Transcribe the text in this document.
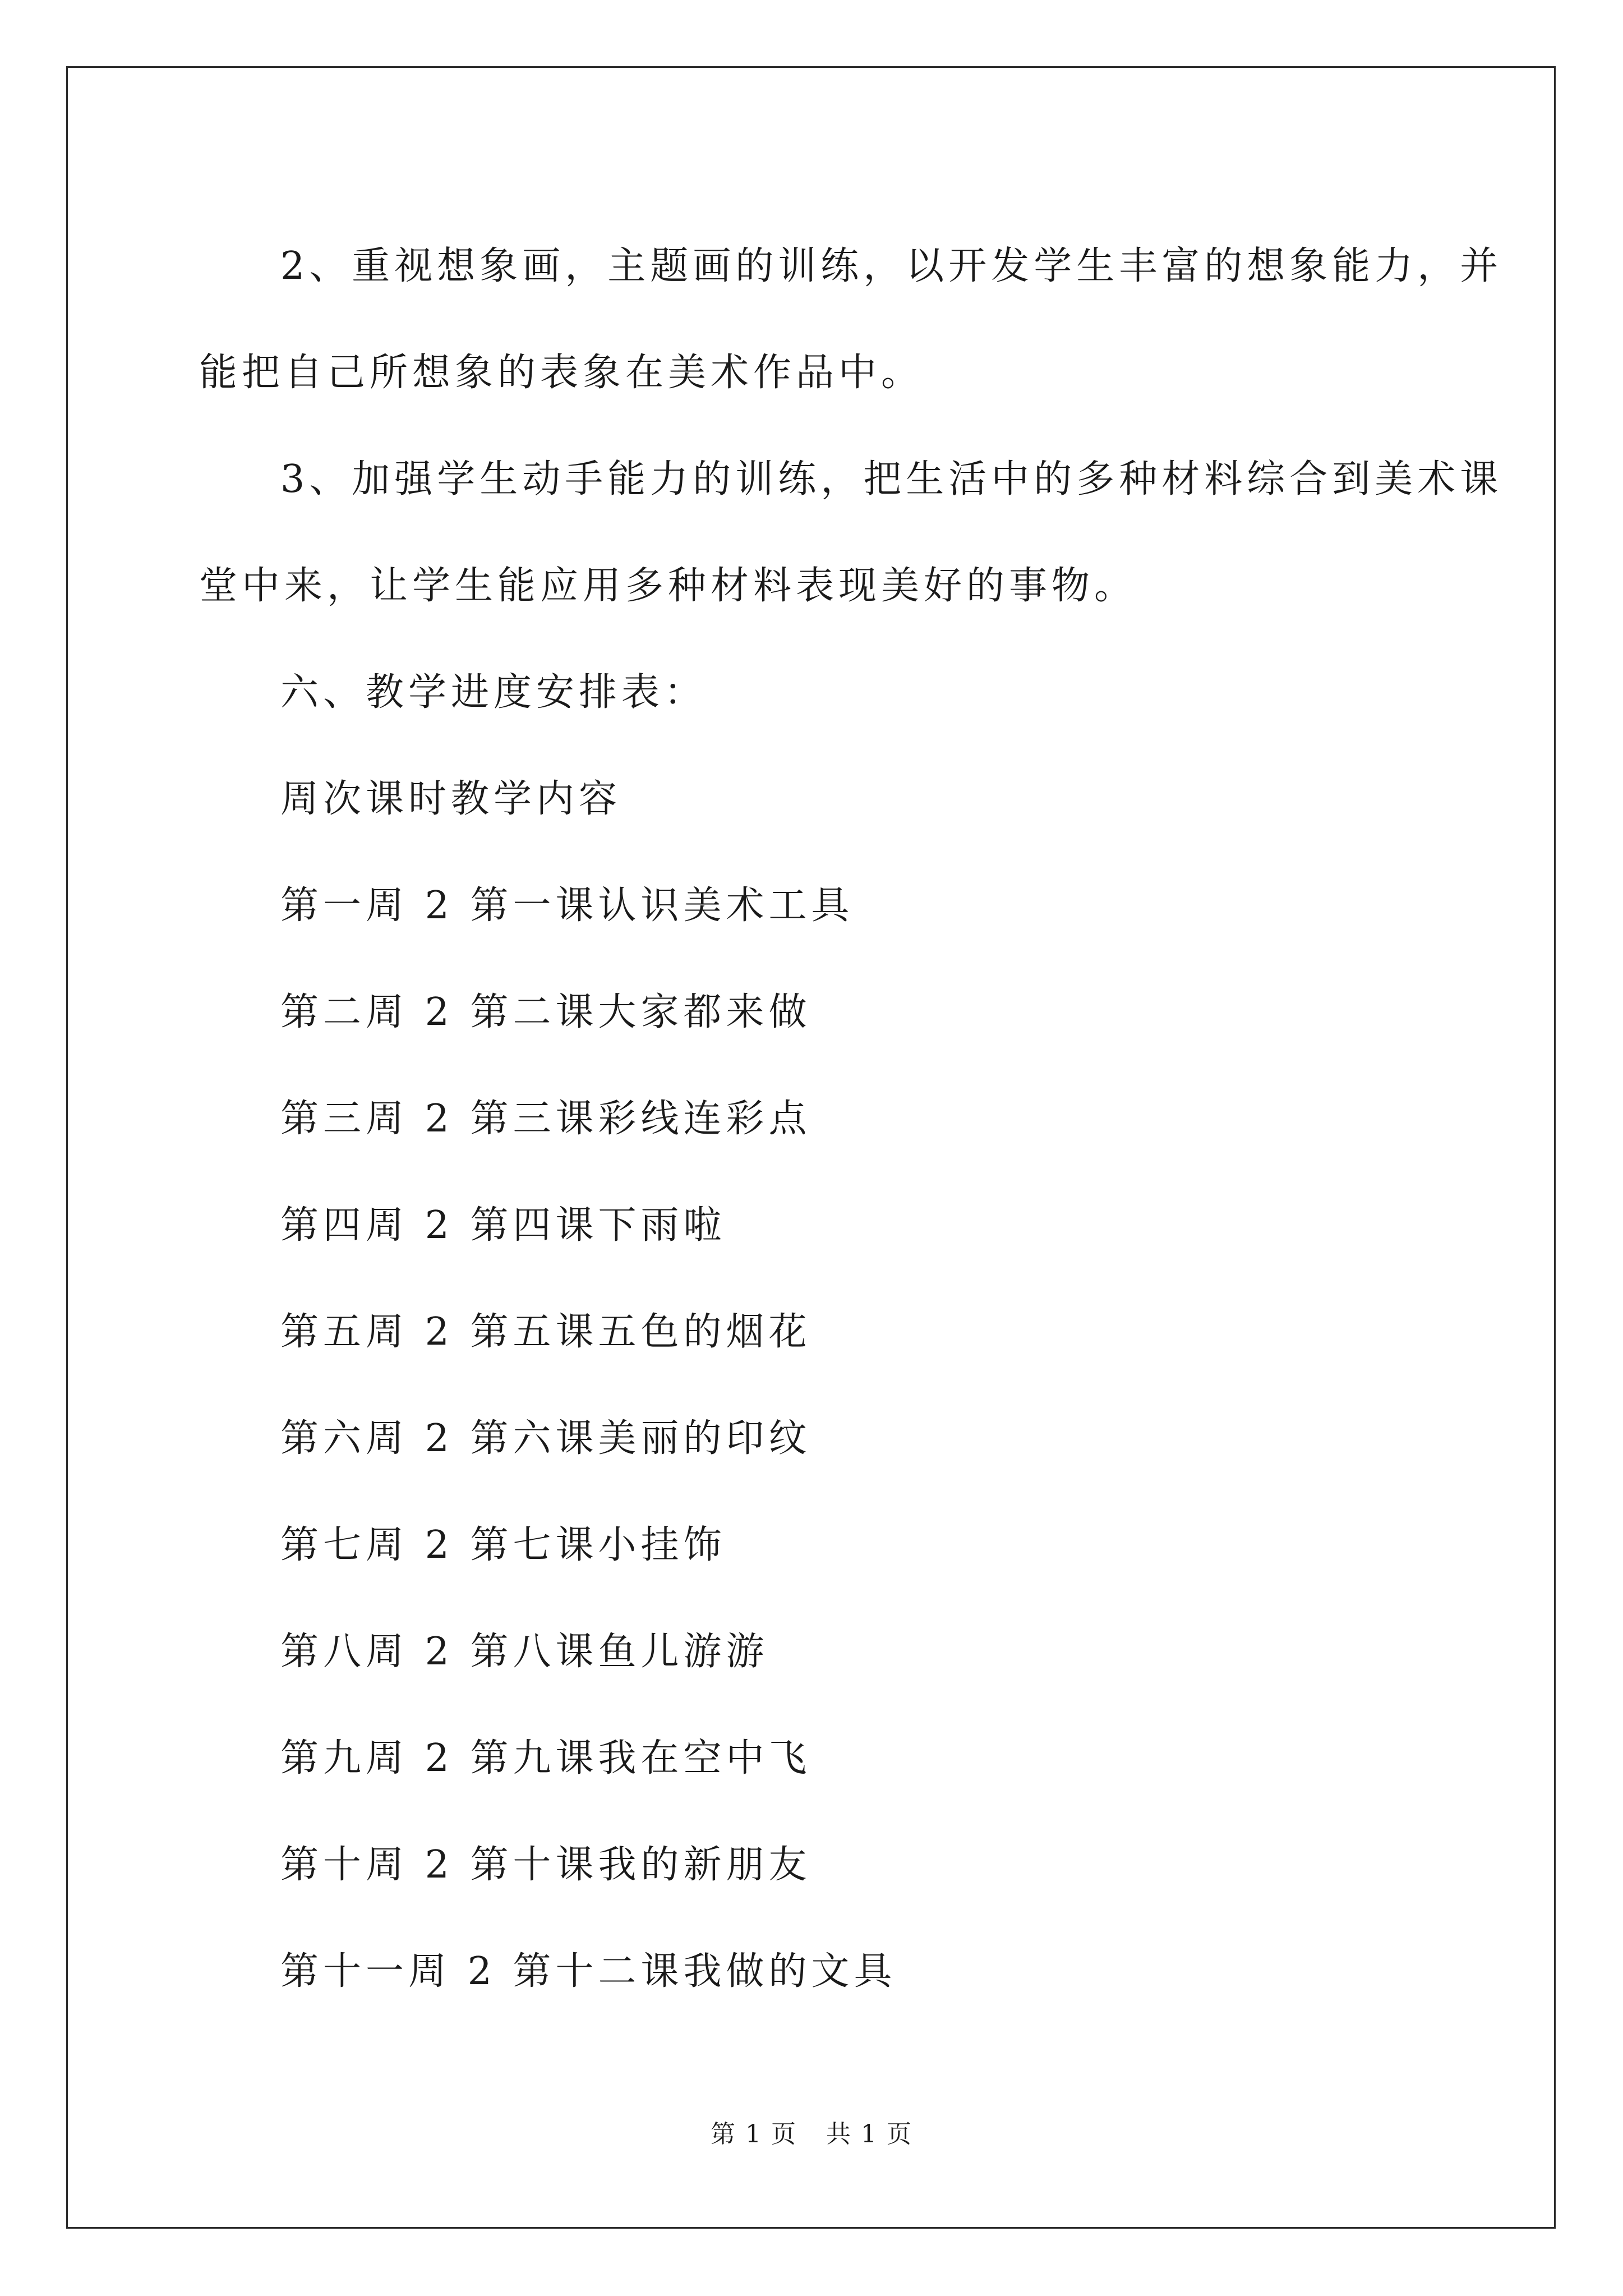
2、重视想象画，主题画的训练，以开发学生丰富的想象能力，并

能把自己所想象的表象在美术作品中。

3、加强学生动手能力的训练，把生活中的多种材料综合到美术课

堂中来，让学生能应用多种材料表现美好的事物。

六、教学进度安排表：

周次课时教学内容

第一周 2 第一课认识美术工具

第二周 2 第二课大家都来做

第三周 2 第三课彩线连彩点

第四周 2 第四课下雨啦

第五周 2 第五课五色的烟花

第六周 2 第六课美丽的印纹

第七周 2 第七课小挂饰

第八周 2 第八课鱼儿游游

第九周 2 第九课我在空中飞

第十周 2 第十课我的新朋友

第十一周 2 第十二课我做的文具

第 1 页 共 1 页
